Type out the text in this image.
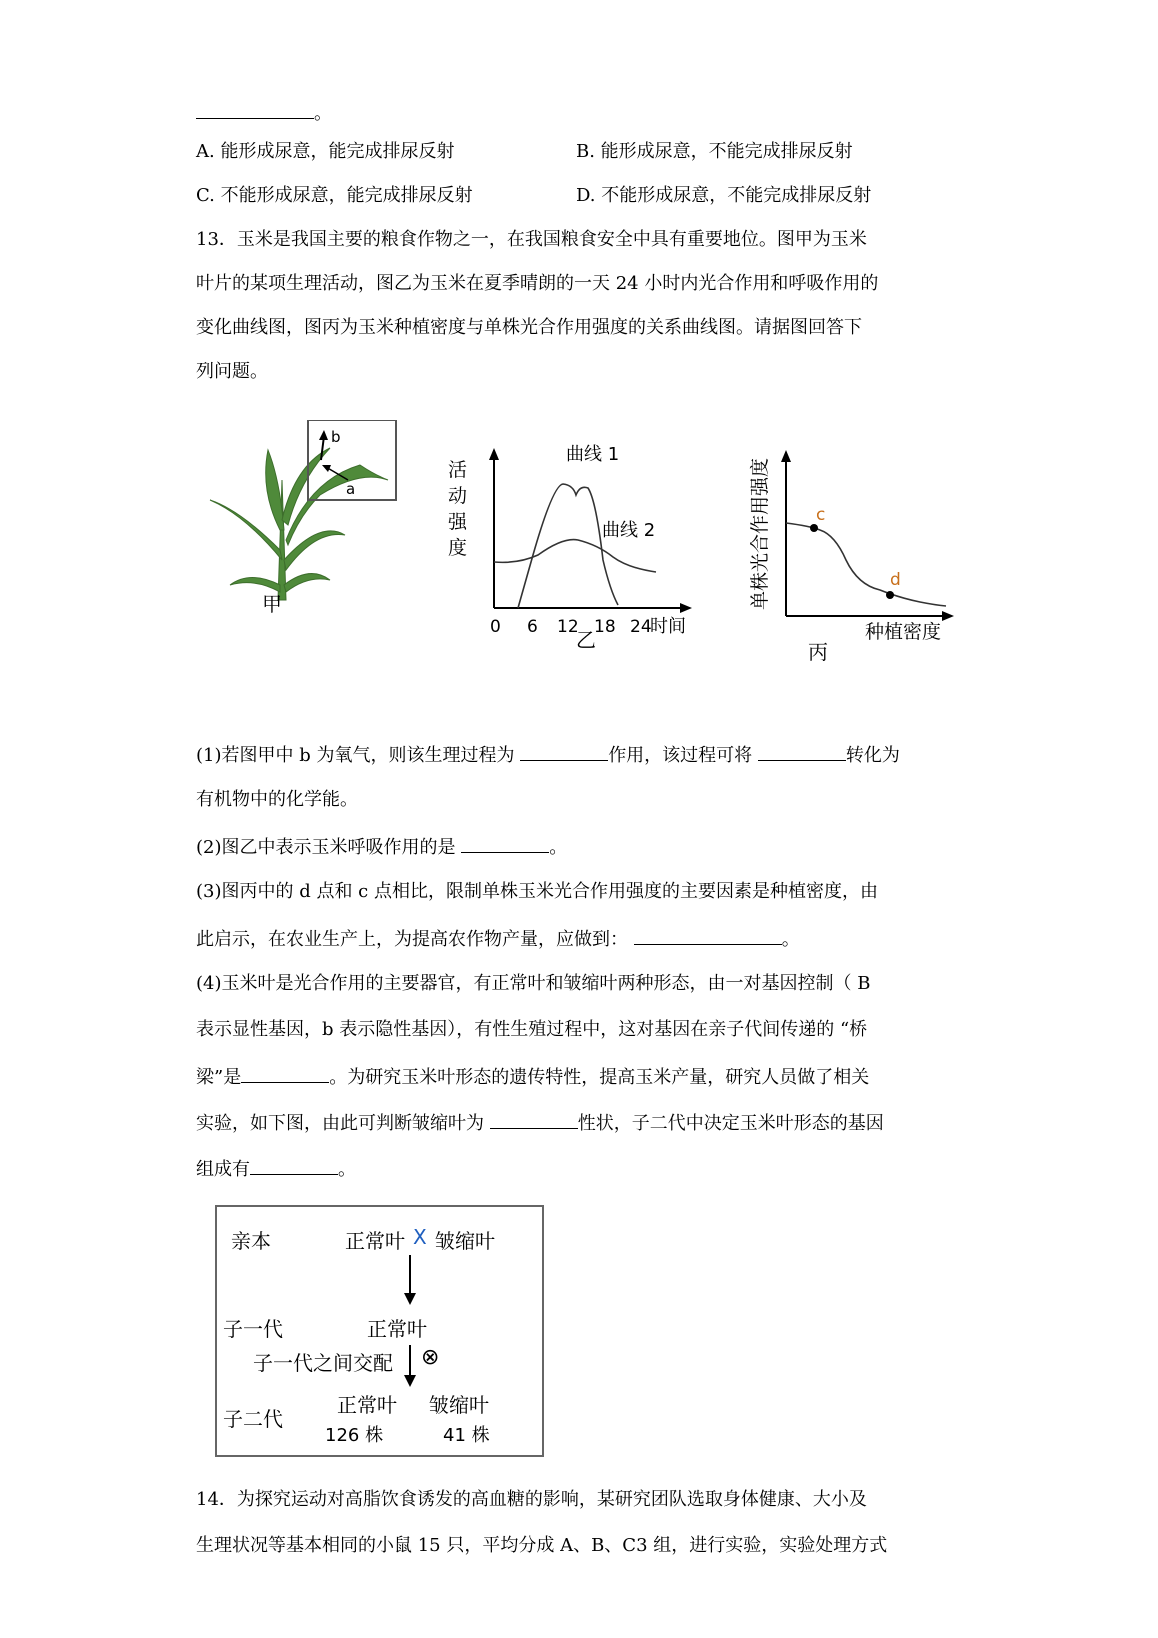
。
A. 能形成尿意，能完成排尿反射	B. 能形成尿意，不能完成排尿反射
C. 不能形成尿意，能完成排尿反射	D. 不能形成尿意，不能完成排尿反射
13．玉米是我国主要的粮食作物之一，在我国粮食安全中具有重要地位。图甲为玉米
叶片的某项生理活动，图乙为玉米在夏季晴朗的一天 24 小时内光合作用和呼吸作用的
变化曲线图，图丙为玉米种植密度与单株光合作用强度的关系曲线图。请据图回答下
列问题。
b
a
甲
活
动
强
度
曲线 1
曲线 2
0 6 12 18 24
时间
乙
c
d
单株光合作用强度
种植密度
丙
(1)若图甲中 b 为氧气，则该生理过程为	作用，该过程可将	转化为
有机物中的化学能。
(2)图乙中表示玉米呼吸作用的是	。
(3)图丙中的 d 点和 c 点相比，限制单株玉米光合作用强度的主要因素是种植密度，由
此启示，在农业生产上，为提高农作物产量，应做到：	。
(4)玉米叶是光合作用的主要器官，有正常叶和皱缩叶两种形态，由一对基因控制（ B
表示显性基因，b 表示隐性基因），有性生殖过程中，这对基因在亲子代间传递的 “桥
梁”是	。为研究玉米叶形态的遗传特性，提高玉米产量，研究人员做了相关
实验，如下图，由此可判断皱缩叶为	性状，子二代中决定玉米叶形态的基因
组成有	。
亲本	正常叶 X 皱缩叶
子一代	正常叶
子一代之间交配 ⊗
子二代
正常叶 皱缩叶
126 株	41 株
14．为探究运动对高脂饮食诱发的高血糖的影响，某研究团队选取身体健康、大小及
生理状况等基本相同的小鼠 15 只，平均分成 A、B、C3 组，进行实验，实验处理方式
